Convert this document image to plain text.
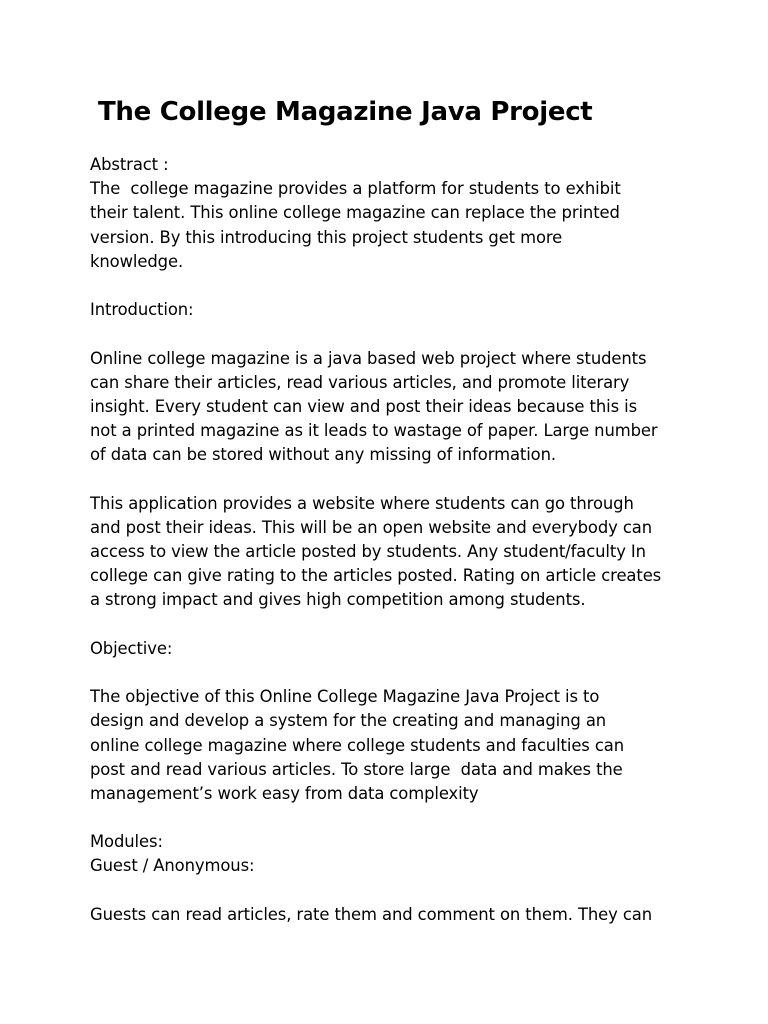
The College Magazine Java Project
Abstract :
The  college magazine provides a platform for students to exhibit
their talent. This online college magazine can replace the printed
version. By this introducing this project students get more
knowledge.
Introduction:
Online college magazine is a java based web project where students
can share their articles, read various articles, and promote literary
insight. Every student can view and post their ideas because this is
not a printed magazine as it leads to wastage of paper. Large number
of data can be stored without any missing of information.
This application provides a website where students can go through
and post their ideas. This will be an open website and everybody can
access to view the article posted by students. Any student/faculty In
college can give rating to the articles posted. Rating on article creates
a strong impact and gives high competition among students.
Objective:
The objective of this Online College Magazine Java Project is to
design and develop a system for the creating and managing an
online college magazine where college students and faculties can
post and read various articles. To store large  data and makes the
management’s work easy from data complexity
Modules:
Guest / Anonymous:
Guests can read articles, rate them and comment on them. They can
